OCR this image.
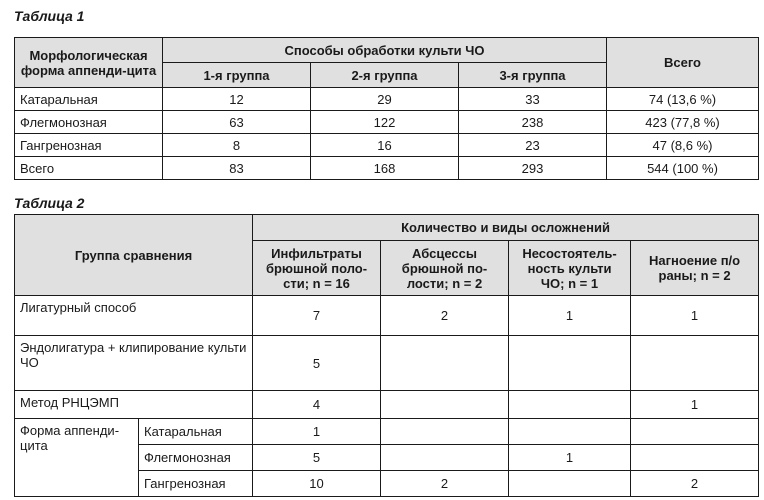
Таблица 1
Морфологическая форма аппенди-цита	Способы обработки культи ЧО			Всего
	1-я группа	2-я группа	3-я группа	
Катаральная	12	29	33	74 (13,6 %)
Флегмонозная	63	122	238	423 (77,8 %)
Гангренозная	8	16	23	47 (8,6 %)
Всего	83	168	293	544 (100 %)
Таблица 2
Группа сравнения		Количество и виды осложнений			
		Инфильтраты брюшной поло-сти; n = 16	Абсцессы брюшной по-лости; n = 2	Несостоятель-ность культи ЧО; n = 1	Нагноение п/о раны; n = 2
Лигатурный способ		7	2	1	1
Эндолигатура + клипирование культи ЧО		5			
Метод РНЦЭМП		4			1
Форма аппенди-цита	Катаральная	1			
	Флегмонозная	5		1	
	Гангренозная	10	2		2
